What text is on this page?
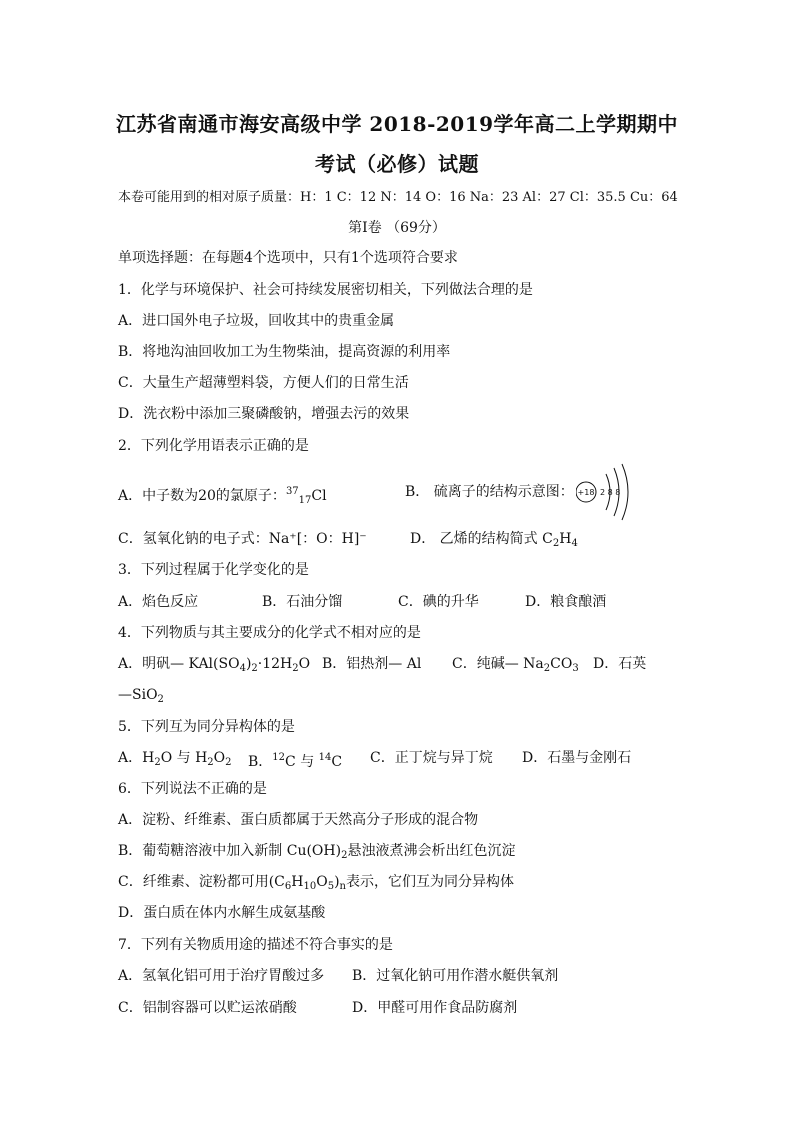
江苏省南通市海安高级中学 2018-2019学年高二上学期期中
考试（必修）试题
本卷可能用到的相对原子质量：H：1 C：12 N：14 O：16 Na：23 Al：27 Cl：35.5 Cu：64
第Ⅰ卷 （69分）
单项选择题：在每题4个选项中，只有1个选项符合要求
1．化学与环境保护、社会可持续发展密切相关，下列做法合理的是
A．进口国外电子垃圾，回收其中的贵重金属
B．将地沟油回收加工为生物柴油，提高资源的利用率
C．大量生产超薄塑料袋，方便人们的日常生活
D．洗衣粉中添加三聚磷酸钠，增强去污的效果
2．下列化学用语表示正确的是
A．中子数为20的氯原子：$^{37}_{17}$Cl	B． 硫离子的结构示意图： +18 2 8 8
C．氢氧化钠的电子式：Na⁺[：O：H]⁻	D． 乙烯的结构简式 $C_2H_4$
3．下列过程属于化学变化的是
A．焰色反应	B．石油分馏	C．碘的升华	D．粮食酿酒
4．下列物质与其主要成分的化学式不相对应的是
A．明矾— $KAl(SO_4)_2\cdot 12H_2O$ B．铝热剂— Al C．纯碱— $Na_2CO_3$ D．石英
—SiO$_2$
5．下列互为同分异构体的是
A．$H_2O$ 与 $H_2O_2$ B．$^{12}$C 与 $^{14}$C C．正丁烷与异丁烷 D．石墨与金刚石
6．下列说法不正确的是
A．淀粉、纤维素、蛋白质都属于天然高分子形成的混合物
B．葡萄糖溶液中加入新制 $Cu(OH)_2$悬浊液煮沸会析出红色沉淀
C．纤维素、淀粉都可用$(C_6H_{10}O_5)_n$表示，它们互为同分异构体
D．蛋白质在体内水解生成氨基酸
7．下列有关物质用途的描述不符合事实的是
A．氢氧化铝可用于治疗胃酸过多 B．过氧化钠可用作潜水艇供氧剂
C．铝制容器可以贮运浓硝酸	D．甲醛可用作食品防腐剂
